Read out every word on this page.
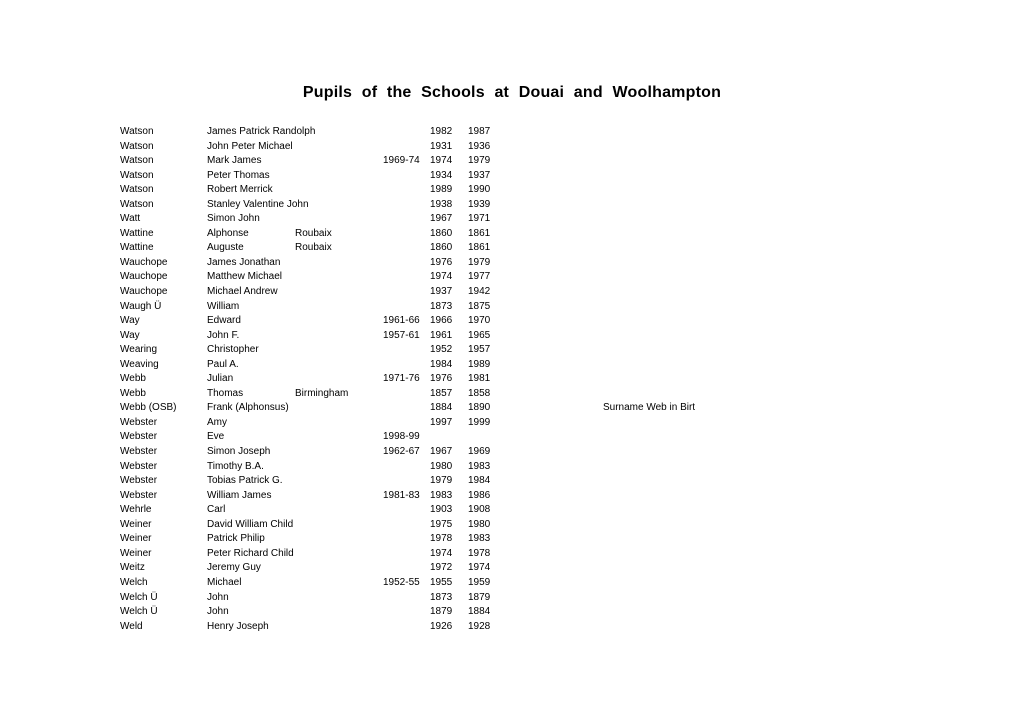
Pupils of the Schools at Douai and Woolhampton
Watson	James Patrick Randolph	1982	1987
Watson	John Peter Michael	1931	1936
Watson	Mark James	1969-74	1974	1979
Watson	Peter Thomas	1934	1937
Watson	Robert Merrick	1989	1990
Watson	Stanley Valentine John	1938	1939
Watt	Simon John	1967	1971
Wattine	Alphonse	Roubaix	1860	1861
Wattine	Auguste	Roubaix	1860	1861
Wauchope	James Jonathan	1976	1979
Wauchope	Matthew Michael	1974	1977
Wauchope	Michael Andrew	1937	1942
Waugh Ü	William	1873	1875
Way	Edward	1961-66	1966	1970
Way	John F.	1957-61	1961	1965
Wearing	Christopher	1952	1957
Weaving	Paul A.	1984	1989
Webb	Julian	1971-76	1976	1981
Webb	Thomas	Birmingham	1857	1858
Webb (OSB)	Frank (Alphonsus)	1884	1890	Surname Web in Birt
Webster	Amy	1997	1999
Webster	Eve	1998-99
Webster	Simon Joseph	1962-67	1967	1969
Webster	Timothy B.A.	1980	1983
Webster	Tobias Patrick G.	1979	1984
Webster	William James	1981-83	1983	1986
Wehrle	Carl	1903	1908
Weiner	David William Child	1975	1980
Weiner	Patrick Philip	1978	1983
Weiner	Peter Richard Child	1974	1978
Weitz	Jeremy Guy	1972	1974
Welch	Michael	1952-55	1955	1959
Welch Ü	John	1873	1879
Welch Ü	John	1879	1884
Weld	Henry Joseph	1926	1928
